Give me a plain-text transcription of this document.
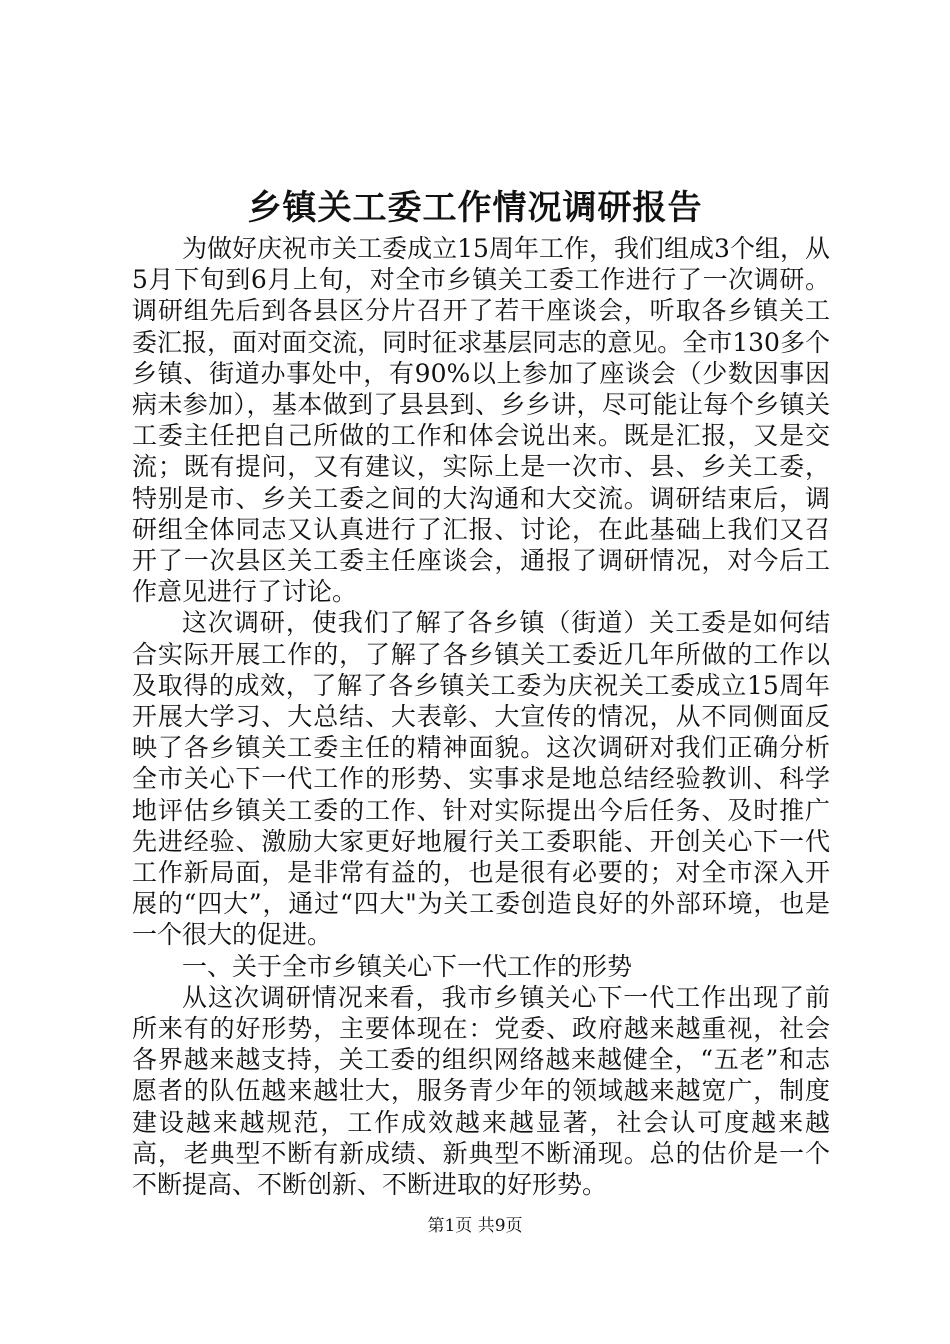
乡镇关工委工作情况调研报告

为做好庆祝市关工委成立15周年工作，我们组成3个组，从5月下旬到6月上旬，对全市乡镇关工委工作进行了一次调研。调研组先后到各县区分片召开了若干座谈会，听取各乡镇关工委汇报，面对面交流，同时征求基层同志的意见。全市130多个乡镇、街道办事处中，有90%以上参加了座谈会（少数因事因病未参加），基本做到了县县到、乡乡讲，尽可能让每个乡镇关工委主任把自己所做的工作和体会说出来。既是汇报，又是交流；既有提问，又有建议，实际上是一次市、县、乡关工委，特别是市、乡关工委之间的大沟通和大交流。调研结束后，调研组全体同志又认真进行了汇报、讨论，在此基础上我们又召开了一次县区关工委主任座谈会，通报了调研情况，对今后工作意见进行了讨论。

这次调研，使我们了解了各乡镇（街道）关工委是如何结合实际开展工作的，了解了各乡镇关工委近几年所做的工作以及取得的成效，了解了各乡镇关工委为庆祝关工委成立15周年开展大学习、大总结、大表彰、大宣传的情况，从不同侧面反映了各乡镇关工委主任的精神面貌。这次调研对我们正确分析全市关心下一代工作的形势、实事求是地总结经验教训、科学地评估乡镇关工委的工作、针对实际提出今后任务、及时推广先进经验、激励大家更好地履行关工委职能、开创关心下一代工作新局面，是非常有益的，也是很有必要的；对全市深入开展的“四大”，通过“四大"为关工委创造良好的外部环境，也是一个很大的促进。

一、关于全市乡镇关心下一代工作的形势

从这次调研情况来看，我市乡镇关心下一代工作出现了前所来有的好形势，主要体现在：党委、政府越来越重视，社会各界越来越支持，关工委的组织网络越来越健全，“五老”和志愿者的队伍越来越壮大，服务青少年的领域越来越宽广，制度建设越来越规范，工作成效越来越显著，社会认可度越来越高，老典型不断有新成绩、新典型不断涌现。总的估价是一个不断提高、不断创新、不断进取的好形势。

第1页 共9页
